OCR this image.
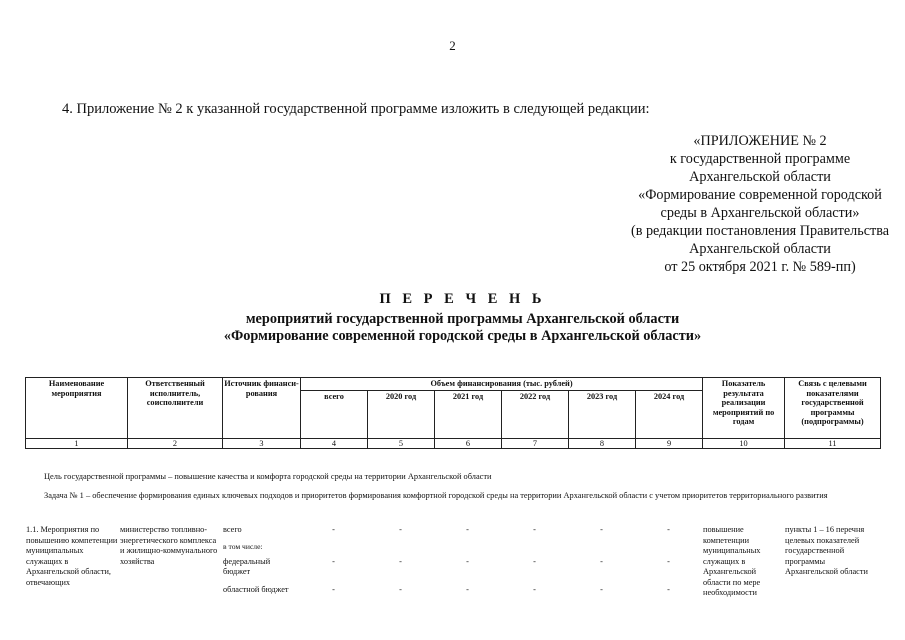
2
4. Приложение № 2 к указанной государственной программе изложить в следующей редакции:
«ПРИЛОЖЕНИЕ № 2
к государственной программе
Архангельской области
«Формирование современной городской
среды в Архангельской области»
(в редакции постановления Правительства
Архангельской области
от 25 октября 2021 г. № 589-пп)
П Е Р Е Ч Е Н Ь
мероприятий государственной программы Архангельской области
«Формирование современной городской среды в Архангельской области»
Наименование мероприятия	Ответственный исполнитель, соисполнители	Источник финанси-рования	Объем финансирования (тыс. рублей)						Показатель результата реализации мероприятий по годам	Связь с целевыми показателями государственной программы (подпрограммы)
			всего	2020 год	2021 год	2022 год	2023 год	2024 год		
1	2	3	4	5	6	7	8	9	10	11
Цель государственной программы – повышение качества и комфорта городской среды на территории Архангельской области
Задача № 1 – обеспечение формирования единых ключевых подходов и приоритетов формирования комфортной городской среды на территории Архангельской области с учетом приоритетов территориального развития
1.1. Мероприятия по повышению компетенции муниципальных служащих в Архангельской области, отвечающих	министерство топливно-энергетического комплекса и жилищно-коммунального хозяйства	всего	-	-	-	-	-	-	повышение компетенции муниципальных служащих в Архангельской области по мере необходимости	пункты 1 – 16 перечня целевых показателей государственной программы Архангельской области
		в том числе:								
		федеральный бюджет	-	-	-	-	-	-		
		областной бюджет	-	-	-	-	-	-		
